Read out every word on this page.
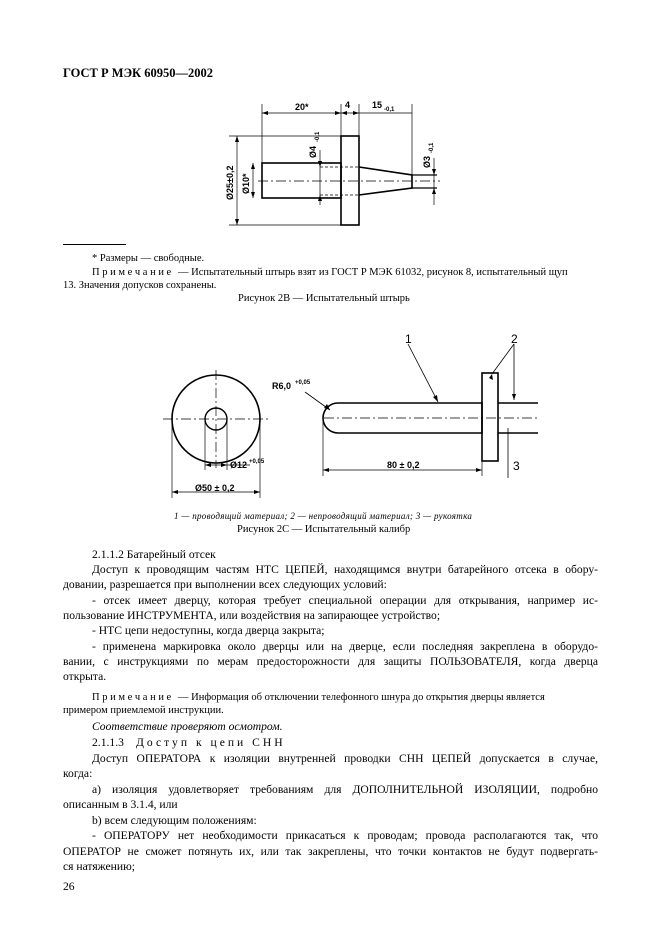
ГОСТ Р МЭК 60950—2002
20*	4 15 -0,1
Ø25±0,2 Ø10*
Ø4
-0,1
Ø3
-0,1
* Размеры — свободные.
П р и м е ч а н и е — Испытательный штырь взят из ГОСТ Р МЭК 61032, рисунок 8, испытательный щуп
13. Значения допусков сохранены.
Рисунок 2В — Испытательный штырь
1	2
3
R6,0 +0,05
Ø12 +0,05
Ø50 ± 0,2
80 ± 0,2
1 — проводящий материал; 2 — непроводящий материал; 3 — рукоятка
Рисунок 2С — Испытательный калибр
2.1.1.2 Батарейный отсек
Доступ к проводящим частям НТС ЦЕПЕЙ, находящимся внутри батарейного отсека в обору-
довании, разрешается при выполнении всех следующих условий:
- отсек имеет дверцу, которая требует специальной операции для открывания, например ис-
пользование ИНСТРУМЕНТА, или воздействия на запирающее устройство;
- НТС цепи недоступны, когда дверца закрыта;
- применена маркировка около дверцы или на дверце, если последняя закреплена в оборудо-
вании, с инструкциями по мерам предосторожности для защиты ПОЛЬЗОВАТЕЛЯ, когда дверца
открыта.
П р и м е ч а н и е — Информация об отключении телефонного шнура до открытия дверцы является
примером приемлемой инструкции.
Соответствие проверяют осмотром.
2.1.1.3 Доступ к цепи СНН
Доступ ОПЕРАТОРА к изоляции внутренней проводки СНН ЦЕПЕЙ допускается в случае,
когда:
а) изоляция удовлетворяет требованиям для ДОПОЛНИТЕЛЬНОЙ ИЗОЛЯЦИИ, подробно
описанным в 3.1.4, или
b) всем следующим положениям:
- ОПЕРАТОРУ нет необходимости прикасаться к проводам; провода располагаются так, что
ОПЕРАТОР не сможет потянуть их, или так закреплены, что точки контактов не будут подвергать-
ся натяжению;
26
